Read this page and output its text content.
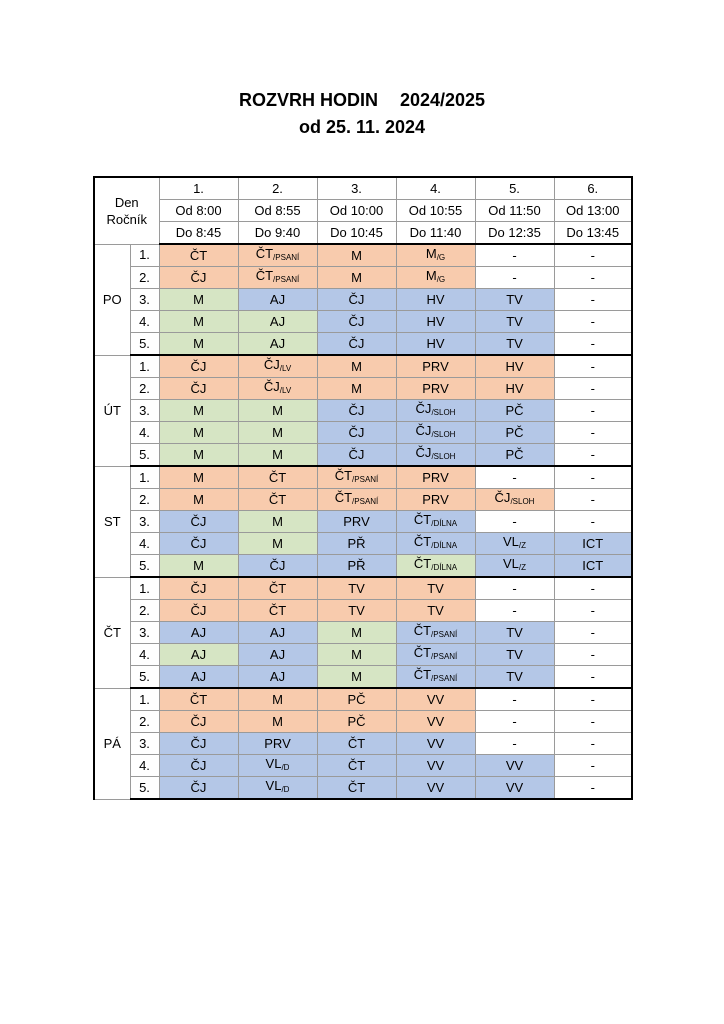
ROZVRH HODIN 2024/2025
od 25. 11. 2024
Den
Ročník		1.	2.	3.	4.	5.	6.
		Od 8:00	Od 8:55	Od 10:00	Od 10:55	Od 11:50	Od 13:00
		Do 8:45	Do 9:40	Do 10:45	Do 11:40	Do 12:35	Do 13:45
PO	1.	ČT	$ČT_{/PSANÍ}$	M	$M_{/G}$	-	-
	2.	ČJ	$ČT_{/PSANÍ}$	M	$M_{/G}$	-	-
	3.	M	AJ	ČJ	HV	TV	-
	4.	M	AJ	ČJ	HV	TV	-
	5.	M	AJ	ČJ	HV	TV	-
ÚT	1.	ČJ	$ČJ_{/LV}$	M	PRV	HV	-
	2.	ČJ	$ČJ_{/LV}$	M	PRV	HV	-
	3.	M	M	ČJ	$ČJ_{/SLOH}$	PČ	-
	4.	M	M	ČJ	$ČJ_{/SLOH}$	PČ	-
	5.	M	M	ČJ	$ČJ_{/SLOH}$	PČ	-
ST	1.	M	ČT	$ČT_{/PSANÍ}$	PRV	-	-
	2.	M	ČT	$ČT_{/PSANÍ}$	PRV	$ČJ_{/SLOH}$	-
	3.	ČJ	M	PRV	$ČT_{/DÍLNA}$	-	-
	4.	ČJ	M	PŘ	$ČT_{/DÍLNA}$	$VL_{/Z}$	ICT
	5.	M	ČJ	PŘ	$ČT_{/DÍLNA}$	$VL_{/Z}$	ICT
ČT	1.	ČJ	ČT	TV	TV	-	-
	2.	ČJ	ČT	TV	TV	-	-
	3.	AJ	AJ	M	$ČT_{/PSANÍ}$	TV	-
	4.	AJ	AJ	M	$ČT_{/PSANÍ}$	TV	-
	5.	AJ	AJ	M	$ČT_{/PSANÍ}$	TV	-
PÁ	1.	ČT	M	PČ	VV	-	-
	2.	ČJ	M	PČ	VV	-	-
	3.	ČJ	PRV	ČT	VV	-	-
	4.	ČJ	$VL_{/D}$	ČT	VV	VV	-
	5.	ČJ	$VL_{/D}$	ČT	VV	VV	-
